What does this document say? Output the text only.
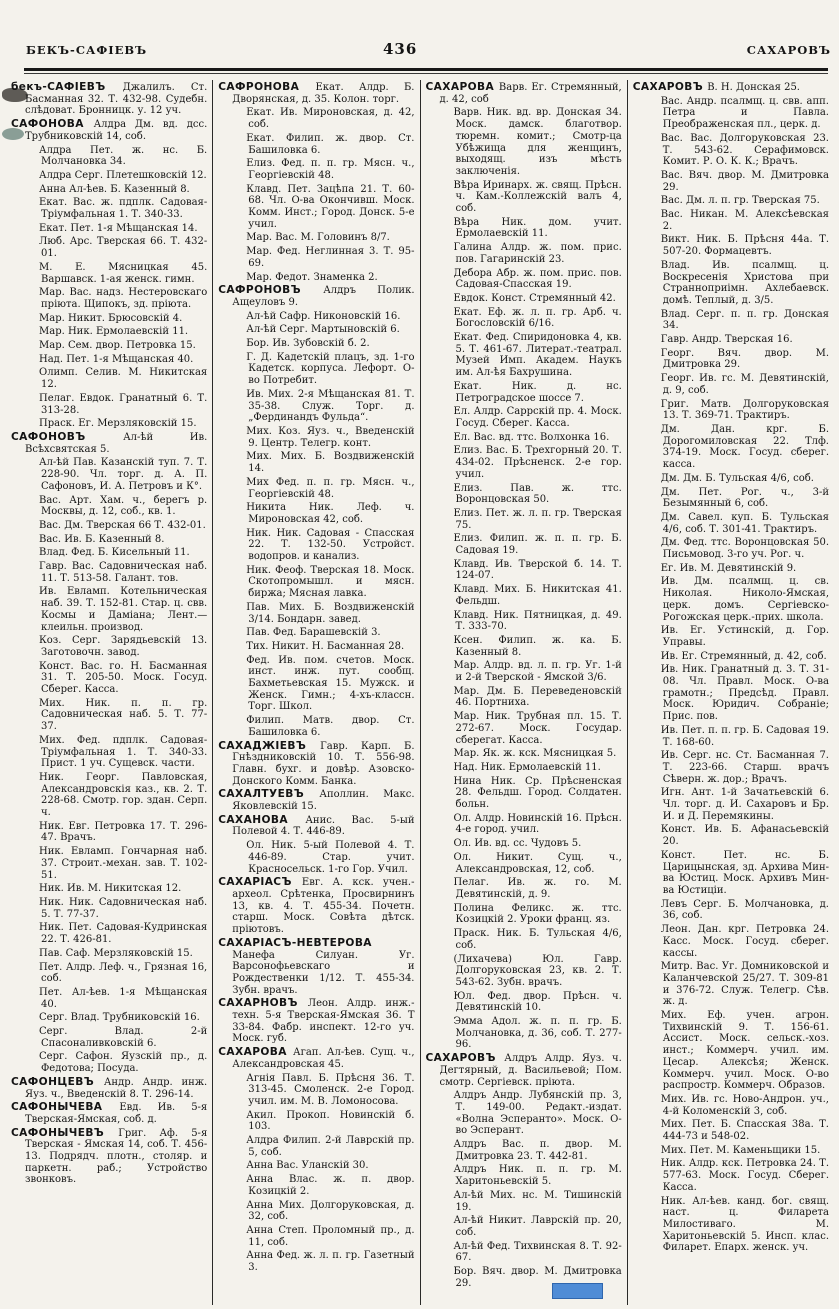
БЕКЪ-САФІЕВЪ	436	САХАРОВЪ

бекъ-САФІЕВЪ Джалилъ. Ст. Басманная 32. Т. 432-98. Судебн. слѣдоват. Бронницк. у. 12 уч.

САФОНОВА Алдра Дм. вд. дсс. Трубниковскій 14, соб.

Алдра Пет. ж. нс. Б. Молчановка 34.

Алдра Серг. Плетешковскій 12.

Анна Ал-ѣев. Б. Казенный 8.

Екат. Вас. ж. пдплк. Садовая-Тріумфальная 1. Т. 340-33.

Екат. Пет. 1-я Мѣщанская 14.

Люб. Арс. Тверская 66. Т. 432-01.

М. Е. Мясницкая 45. Варшавск. 1-ая женск. гимн.

Мар. Вас. надз. Нестеровскаго пріюта. Щипокъ, зд. пріюта.

Мар. Никит. Брюсовскій 4.

Мар. Ник. Ермолаевскій 11.

Мар. Сем. двор. Петровка 15.

Над. Пет. 1-я Мѣщанская 40.

Олимп. Селив. М. Никитская 12.

Пелаг. Евдок. Гранатный 6. Т. 313-28.

Праск. Ег. Мерзляковскій 15.

САФОНОВЪ Ал-ѣй Ив. Всѣхсвятская 5.

Ал-ѣй Пав. Казанскій туп. 7. Т. 228-90. Чл. торг. д. А. П. Сафоновъ, И. А. Петровъ и К°.

Вас. Арт. Хам. ч., берегъ р. Москвы, д. 12, соб., кв. 1.

Вас. Дм. Тверская 66 Т. 432-01.

Вас. Ив. Б. Казенный 8.

Влад. Фед. Б. Кисельный 11.

Гавр. Вас. Садовническая наб. 11. Т. 513-58. Галант. тов.

Ив. Евламп. Котельническая наб. 39. Т. 152-81. Стар. ц. свв. Космы и Даміана; Лент.—клеильн. производ.

Коз. Серг. Зарядьевскій 13. Заготовочн. завод.

Конст. Вас. го. Н. Басманная 31. Т. 205-50. Моск. Госуд. Сберег. Касса.

Мих. Ник. п. п. гр. Садовническая наб. 5. Т. 77-37.

Мих. Фед. пдплк. Садовая-Тріумфальная 1. Т. 340-33. Прист. 1 уч. Сущевск. части.

Ник. Георг. Павловская, Александровскія каз., кв. 2. Т. 228-68. Смотр. гор. здан. Серп. ч.

Ник. Евг. Петровка 17. Т. 296-47. Врачъ.

Ник. Евламп. Гончарная наб. 37. Строит.-механ. зав. Т. 102-51.

Ник. Ив. М. Никитская 12.

Ник. Ник. Садовническая наб. 5. Т. 77-37.

Ник. Пет. Садовая-Кудринская 22. Т. 426-81.

Пав. Саф. Мерзляковскій 15.

Пет. Алдр. Леф. ч., Грязная 16, соб.

Пет. Ал-ѣев. 1-я Мѣщанская 40.

Серг. Влад. Трубниковскій 16.

Серг. Влад. 2-й Спасоналивковскій 6.

Серг. Сафон. Яузскій пр., д. Федотова; Посуда.

САФОНЦЕВЪ Андр. Андр. инж. Яуз. ч., Введенскій 8. Т. 296-14.

САФОНЫЧЕВА Евд. Ив. 5-я Тверская-Ямская, соб. д.

САФОНЫЧЕВЪ Григ. Аф. 5-я Тверская - Ямская 14, соб. Т. 456-13. Подрядч. плотн., столяр. и паркетн. раб.; Устройство звонковъ.

САФРОНОВА Екат. Алдр. Б. Дворянская, д. 35. Колон. торг.

Екат. Ив. Мироновская, д. 42, соб.

Екат. Филип. ж. двор. Ст. Башиловка 6.

Елиз. Фед. п. п. гр. Мясн. ч., Георгіевскій 48.

Клавд. Пет. Зацѣпа 21. Т. 60-68. Чл. О-ва Окончивш. Моск. Комм. Инст.; Город. Донск. 5-е учил.

Мар. Вас. М. Головинъ 8/7.

Мар. Фед. Неглинная 3. Т. 95-69.

Мар. Федот. Знаменка 2.

САФРОНОВЪ Алдръ Полик. Ащеуловъ 9.

Ал-ѣй Сафр. Никоновскій 16.

Ал-ѣй Серг. Мартыновскій 6.

Бор. Ив. Зубовскій б. 2.

Г. Д. Кадетскій плацъ, зд. 1-го Кадетск. корпуса. Лефорт. О-во Потребит.

Ив. Мих. 2-я Мѣщанская 81. Т. 35-38. Служ. Торг. д. „Фердинандъ Фульда“.

Мих. Коз. Яуз. ч., Введенскій 9. Центр. Телегр. конт.

Мих. Мих. Б. Воздвиженскій 14.

Мих Фед. п. п. гр. Мясн. ч., Георгіевскій 48.

Никита Ник. Леф. ч. Мироновская 42, соб.

Ник. Ник. Садовая - Спасская 22. Т. 132-50. Устройст. водопров. и канализ.

Ник. Феоф. Тверская 18. Моск. Скотопромышл. и мясн. биржа; Мясная лавка.

Пав. Мих. Б. Воздвиженскій 3/14. Бондарн. завед.

Пав. Фед. Барашевскій 3.

Тих. Никит. Н. Басманная 28.

Фед. Ив. пом. счетов. Моск. инст. инж. пут. сообщ. Бахметьевская 15. Мужск. и Женск. Гимн.; 4-хъ-классн. Торг. Школ.

Филип. Матв. двор. Ст. Башиловка 6.

САХАДЖІЕВЪ Гавр. Карп. Б. Гнѣздниковскій 10. Т. 556-98. Главн. бухг. и довѣр. Азовско-Донского Комм. Банка.

САХАЛТУЕВЪ Аполлин. Макс. Яковлевскій 15.

САХАНОВА Анис. Вас. 5-ый Полевой 4. Т. 446-89.

Ол. Ник. 5-ый Полевой 4. Т. 446-89. Стар. учит. Красносельск. 1-го Гор. Учил.

САХАРІАСЪ Евг. А. кск. учен.-археол. Срѣтенка, Просвирнинъ 13, кв. 4. Т. 455-34. Почетн. старш. Моск. Совѣта дѣтск. пріютовъ.

САХАРІАСЪ-НЕВТЕРОВА Манефа Силуан. Уг. Варсонофьевскаго и Рождественки 1/12. Т. 455-34. Зубн. врачъ.

САХАРНОВЪ Леон. Алдр. инж.-техн. 5-я Тверская-Ямская 36. Т 33-84. Фабр. инспект. 12-го уч. Моск. губ.

САХАРОВА Агап. Ал-ѣев. Сущ. ч., Александровская 45.

Агнія Павл. Б. Прѣсня 36. Т. 313-45. Смоленск. 2-е Город. учил. им. М. В. Ломоносова.

Акил. Прокоп. Новинскій б. 103.

Алдра Филип. 2-й Лаврскій пр. 5, соб.

Анна Вас. Уланскій 30.

Анна Влас. ж. п. двор. Козицкій 2.

Анна Мих. Долгоруковская, д. 32, соб.

Анна Степ. Проломный пр., д. 11, соб.

Анна Фед. ж. л. п. гр. Газетный 3.

САХАРОВА Варв. Ег. Стремянный, д. 42, соб

Варв. Ник. вд. вр. Донская 34. Моск. дамск. благотвор. тюремн. комит.; Смотр-ца Убѣжища для женщинъ, выходящ. изъ мѣстъ заключенія.

Вѣра Иринарх. ж. свящ. Прѣсн. ч. Кам.-Коллежскій валъ 4, соб.

Вѣра Ник. дом. учит. Ермолаевскій 11.

Галина Алдр. ж. пом. прис. пов. Гагаринскій 23.

Дебора Абр. ж. пом. прис. пов. Садовая-Спасская 19.

Евдок. Конст. Стремянный 42.

Екат. Еф. ж. л. п. гр. Арб. ч. Богословскій 6/16.

Екат. Фед. Спиридоновка 4, кв. 5. Т. 461-67. Литерат.-театрал. Музей Имп. Академ. Наукъ им. Ал-ѣя Бахрушина.

Екат. Ник. д. нс. Петроградское шоссе 7.

Ел. Алдр. Саррскій пр. 4. Моск. Госуд. Сберег. Касса.

Ел. Вас. вд. ттс. Волхонка 16.

Елиз. Вас. Б. Трехгорный 20. Т. 434-02. Прѣсненск. 2-е гор. учил.

Елиз. Пав. ж. ттс. Воронцовская 50.

Елиз. Пет. ж. л. п. гр. Тверская 75.

Елиз. Филип. ж. п. п. гр. Б. Садовая 19.

Клавд. Ив. Тверской б. 14. Т. 124-07.

Клавд. Мих. Б. Никитская 41. Фельдш.

Клавд. Ник. Пятницкая, д. 49. Т. 333-70.

Ксен. Филип. ж. ка. Б. Казенный 8.

Мар. Алдр. вд. л. п. гр. Уг. 1-й и 2-й Тверской - Ямской 3/6.

Мар. Дм. Б. Переведеновскій 46. Портниха.

Мар. Ник. Трубная пл. 15. Т. 272-67. Моск. Государ. сберегат. Касса.

Мар. Як. ж. кск. Мясницкая 5.

Над. Ник. Ермолаевскій 11.

Нина Ник. Ср. Прѣсненская 28. Фельдш. Город. Солдатен. больн.

Ол. Алдр. Новинскій 16. Прѣсн. 4-е город. учил.

Ол. Ив. вд. сс. Чудовъ 5.

Ол. Никит. Сущ. ч., Александровская, 12, соб.

Пелаг. Ив. ж. го. М. Девятинскій, д. 9.

Полина Феликс. ж. ттс. Козицкій 2. Уроки франц. яз.

Праск. Ник. Б. Тульская 4/6, соб.

(Лихачева) Юл. Гавр. Долгоруковская 23, кв. 2. Т. 543-62. Зубн. врачъ.

Юл. Фед. двор. Прѣсн. ч. Девятинскій 10.

Эмма Адол. ж. п. п. гр. Б. Молчановка, д. 36, соб. Т. 277-96.

САХАРОВЪ Алдръ Алдр. Яуз. ч. Дегтярный, д. Васильевой; Пом. смотр. Сергіевск. пріюта.

Алдръ Андр. Лубянскій пр. 3, Т. 149-00. Редакт.-издат. «Волна Эсперанто». Моск. О-во Эсперант.

Алдръ Вас. п. двор. М. Дмитровка 23. Т. 442-81.

Алдръ Ник. п. п. гр. М. Харитоньевскій 5.

Ал-ѣй Мих. нс. М. Тишинскій 19.

Ал-ѣй Никит. Лаврскій пр. 20, соб.

Ал-ѣй Фед. Тихвинская 8. Т. 92-67.

Бор. Вяч. двор. М. Дмитровка 29.

САХАРОВЪ В. Н. Донская 25.

Вас. Андр. псалмщ. ц. свв. апп. Петра и Павла. Преображенская пл., церк. д.

Вас. Вас. Долгоруковская 23. Т. 543-62. Серафимовск. Комит. Р. О. К. К.; Врачъ.

Вас. Вяч. двор. М. Дмитровка 29.

Вас. Дм. л. п. гр. Тверская 75.

Вас. Никан. М. Алексѣевская 2.

Викт. Ник. Б. Прѣсня 44а. Т. 507-20. Формацевтъ.

Влад. Ив. псалмщ. ц. Воскресенія Христова при Странноприімн. Ахлебаевск. домѣ. Теплый, д. 3/5.

Влад. Серг. п. п. гр. Донская 34.

Гавр. Андр. Тверская 16.

Георг. Вяч. двор. М. Дмитровка 29.

Георг. Ив. гс. М. Девятинскій, д. 9, соб.

Григ. Матв. Долгоруковская 13. Т. 369-71. Трактиръ.

Дм. Дан. крг. Б. Дорогомиловская 22. Тлф. 374-19. Моск. Госуд. сберег. касса.

Дм. Дм. Б. Тульская 4/6, соб.

Дм. Пет. Рог. ч., 3-й Безымянный 6, соб.

Дм. Савел. куп. Б. Тульская 4/6, соб. Т. 301-41. Трактиръ.

Дм. Фед. ттс. Воронцовская 50. Письмовод. 3-го уч. Рог. ч.

Ег. Ив. М. Девятинскій 9.

Ив. Дм. псалмщ. ц. св. Николая. Николо-Ямская, церк. домъ. Сергіевско-Рогожская церк.-прих. школа.

Ив. Ег. Устинскій, д. Гор. Управы.

Ив. Ег. Стремянный, д. 42, соб.

Ив. Ник. Гранатный д. 3. Т. 31-08. Чл. Правл. Моск. О-ва грамотн.; Предсѣд. Правл. Моск. Юридич. Собраніе; Прис. пов.

Ив. Пет. п. п. гр. Б. Садовая 19. Т. 168-60.

Ив. Серг. нс. Ст. Басманная 7. Т. 223-66. Старш. врачъ Сѣверн. ж. дор.; Врачъ.

Игн. Ант. 1-й Зачатьевскій 6. Чл. торг. д. И. Сахаровъ и Бр. И. и Д. Перемякины.

Конст. Ив. Б. Афанасьевскій 20.

Конст. Пет. нс. Б. Царицынская, зд. Архива Мин-ва Юстиц. Моск. Архивъ Мин-ва Юстиціи.

Левъ Серг. Б. Молчановка, д. 36, соб.

Леон. Дан. крг. Петровка 24. Касс. Моск. Госуд. сберег. кассы.

Митр. Вас. Уг. Домниковской и Каланчевской 25/27. Т. 309-81 и 376-72. Служ. Телегр. Сѣв. ж. д.

Мих. Еф. учен. агрон. Тихвинскій 9. Т. 156-61. Ассист. Моск. сельск.-хоз. инст.; Коммерч. учил. им. Цесар. Алексѣя; Женск. Коммерч. учил. Моск. О-во распростр. Коммерч. Образов.

Мих. Ив. гс. Ново-Андрон. уч., 4-й Коломенскій 3, соб.

Мих. Пет. Б. Спасская 38а. Т. 444-73 и 548-02.

Мих. Пет. М. Каменьщики 15.

Ник. Алдр. кск. Петровка 24. Т. 577-63. Моск. Госуд. Сберег. Касса.

Ник. Ал-ѣев. канд. бог. свящ. наст. ц. Филарета Милостиваго. М. Харитоньевскій 5. Инсп. клас. Филарет. Епарх. женск. уч.
